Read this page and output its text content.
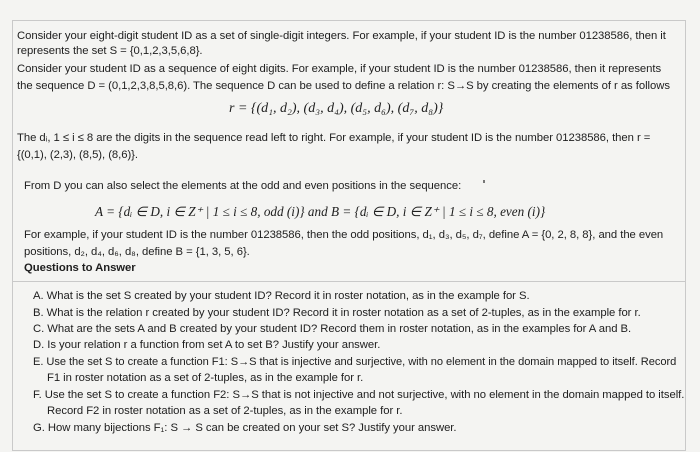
Consider your eight-digit student ID as a set of single-digit integers. For example, if your student ID is the number 01238586, then it
represents the set S = {0,1,2,3,5,6,8}.
Consider your student ID as a sequence of eight digits. For example, if your student ID is the number 01238586, then it represents
the sequence D = (0,1,2,3,8,5,8,6). The sequence D can be used to define a relation r: S→S by creating the elements of r as follows
r = {(d₁, d₂), (d₃, d₄), (d₅, d₆), (d₇, d₈)}
The dᵢ, 1 ≤ i ≤ 8 are the digits in the sequence read left to right. For example, if your student ID is the number 01238586, then r =
{(0,1), (2,3), (8,5), (8,6)}.
From D you can also select the elements at the odd and even positions in the sequence:
A = {dᵢ ∈ D, i ∈ Z⁺ | 1 ≤ i ≤ 8, odd (i)} and B = {dᵢ ∈ D, i ∈ Z⁺ | 1 ≤ i ≤ 8, even (i)}
For example, if your student ID is the number 01238586, then the odd positions, d₁, d₃, d₅, d₇, define A = {0, 2, 8, 8}, and the even
positions, d₂, d₄, d₆, d₈, define B = {1, 3, 5, 6}.
Questions to Answer
A. What is the set S created by your student ID? Record it in roster notation, as in the example for S.
B. What is the relation r created by your student ID? Record it in roster notation as a set of 2-tuples, as in the example for r.
C. What are the sets A and B created by your student ID? Record them in roster notation, as in the examples for A and B.
D. Is your relation r a function from set A to set B? Justify your answer.
E. Use the set S to create a function F1: S→S that is injective and surjective, with no element in the domain mapped to itself. Record
F1 in roster notation as a set of 2-tuples, as in the example for r.
F. Use the set S to create a function F2: S→S that is not injective and not surjective, with no element in the domain mapped to itself.
Record F2 in roster notation as a set of 2-tuples, as in the example for r.
G. How many bijections F₁: S → S can be created on your set S? Justify your answer.
